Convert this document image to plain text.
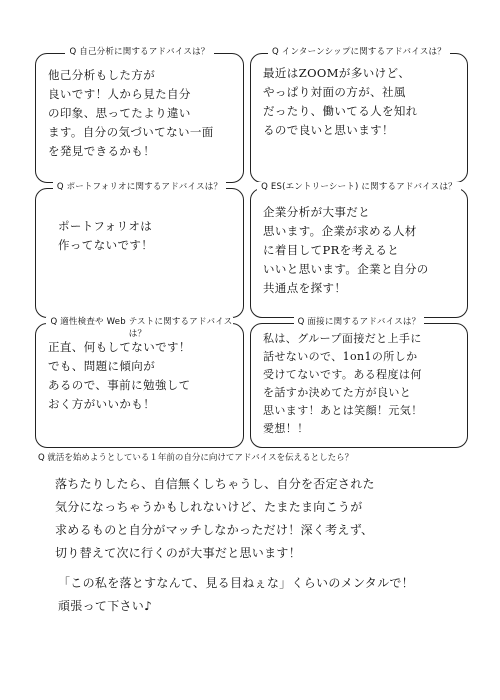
Q 自己分析に関するアドバイスは？
他己分析もした方が
良いです！人から見た自分
の印象、思ってたより違い
ます。自分の気づいてない一面
を発見できるかも！
Q インターンシップに関するアドバイスは？
最近はZOOMが多いけど、
やっぱり対面の方が、社風
だったり、働いてる人を知れ
るので良いと思います！
Q ポートフォリオに関するアドバイスは？
ポートフォリオは
作ってないです！
Q ES(エントリーシート) に関するアドバイスは？
企業分析が大事だと
思います。企業が求める人材
に着目してPRを考えると
いいと思います。企業と自分の
共通点を探す！
Q 適性検査や Web テストに関するアドバイスは？
正直、何もしてないです！
でも、問題に傾向が
あるので、事前に勉強して
おく方がいいかも！
Q 面接に関するアドバイスは？
私は、グループ面接だと上手に
話せないので、1on1の所しか
受けてないです。ある程度は何
を話すか決めてた方が良いと
思います！あとは笑顔！元気！
愛想！！
Q 就活を始めようとしている１年前の自分に向けてアドバイスを伝えるとしたら？
落ちたりしたら、自信無くしちゃうし、自分を否定された
気分になっちゃうかもしれないけど、たまたま向こうが
求めるものと自分がマッチしなかっただけ！深く考えず、
切り替えて次に行くのが大事だと思います！
「この私を落とすなんて、見る目ねぇな」くらいのメンタルで！
頑張って下さい♪
